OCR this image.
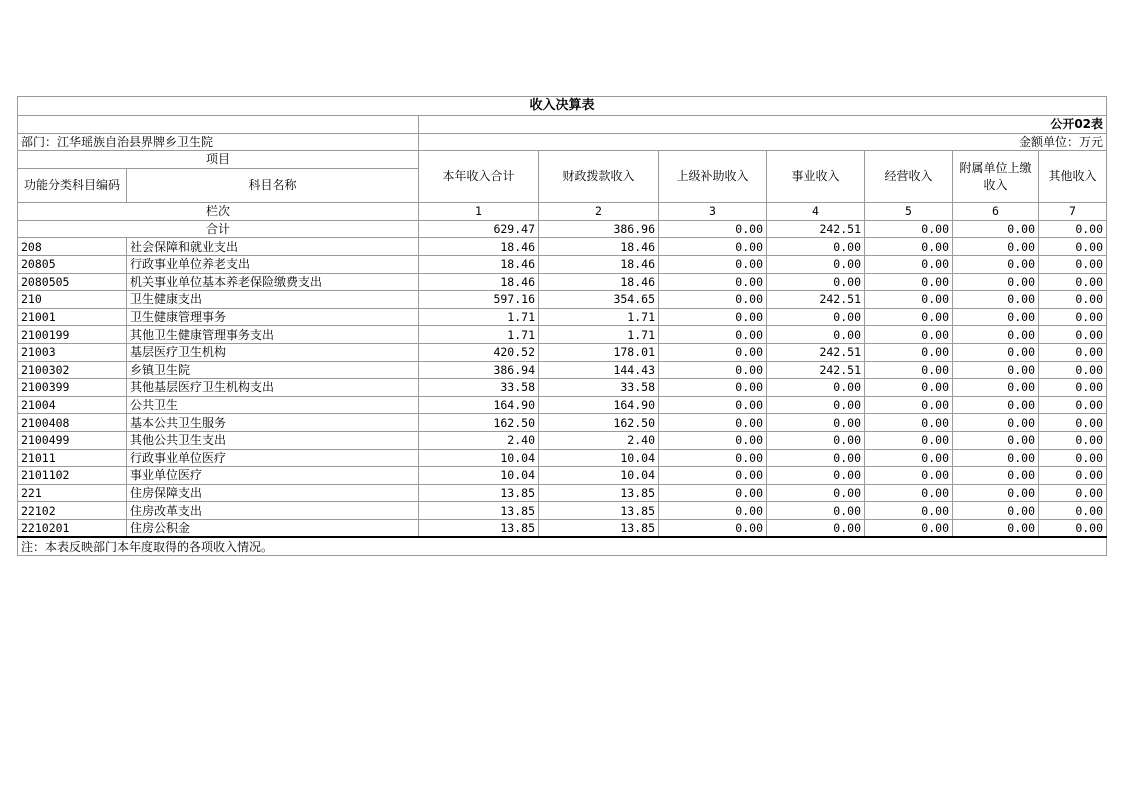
收入决算表								
		公开02表						
部门：江华瑶族自治县界牌乡卫生院		金额单位：万元						
项目		本年收入合计	财政拨款收入	上级补助收入	事业收入	经营收入	附属单位上缴收入	其他收入
功能分类科目编码	科目名称							
栏次		1	2	3	4	5	6	7
合计		629.47	386.96	0.00	242.51	0.00	0.00	0.00
208	社会保障和就业支出	18.46	18.46	0.00	0.00	0.00	0.00	0.00
20805	行政事业单位养老支出	18.46	18.46	0.00	0.00	0.00	0.00	0.00
2080505	机关事业单位基本养老保险缴费支出	18.46	18.46	0.00	0.00	0.00	0.00	0.00
210	卫生健康支出	597.16	354.65	0.00	242.51	0.00	0.00	0.00
21001	卫生健康管理事务	1.71	1.71	0.00	0.00	0.00	0.00	0.00
2100199	其他卫生健康管理事务支出	1.71	1.71	0.00	0.00	0.00	0.00	0.00
21003	基层医疗卫生机构	420.52	178.01	0.00	242.51	0.00	0.00	0.00
2100302	乡镇卫生院	386.94	144.43	0.00	242.51	0.00	0.00	0.00
2100399	其他基层医疗卫生机构支出	33.58	33.58	0.00	0.00	0.00	0.00	0.00
21004	公共卫生	164.90	164.90	0.00	0.00	0.00	0.00	0.00
2100408	基本公共卫生服务	162.50	162.50	0.00	0.00	0.00	0.00	0.00
2100499	其他公共卫生支出	2.40	2.40	0.00	0.00	0.00	0.00	0.00
21011	行政事业单位医疗	10.04	10.04	0.00	0.00	0.00	0.00	0.00
2101102	事业单位医疗	10.04	10.04	0.00	0.00	0.00	0.00	0.00
221	住房保障支出	13.85	13.85	0.00	0.00	0.00	0.00	0.00
22102	住房改革支出	13.85	13.85	0.00	0.00	0.00	0.00	0.00
2210201	住房公积金	13.85	13.85	0.00	0.00	0.00	0.00	0.00
注：本表反映部门本年度取得的各项收入情况。								
